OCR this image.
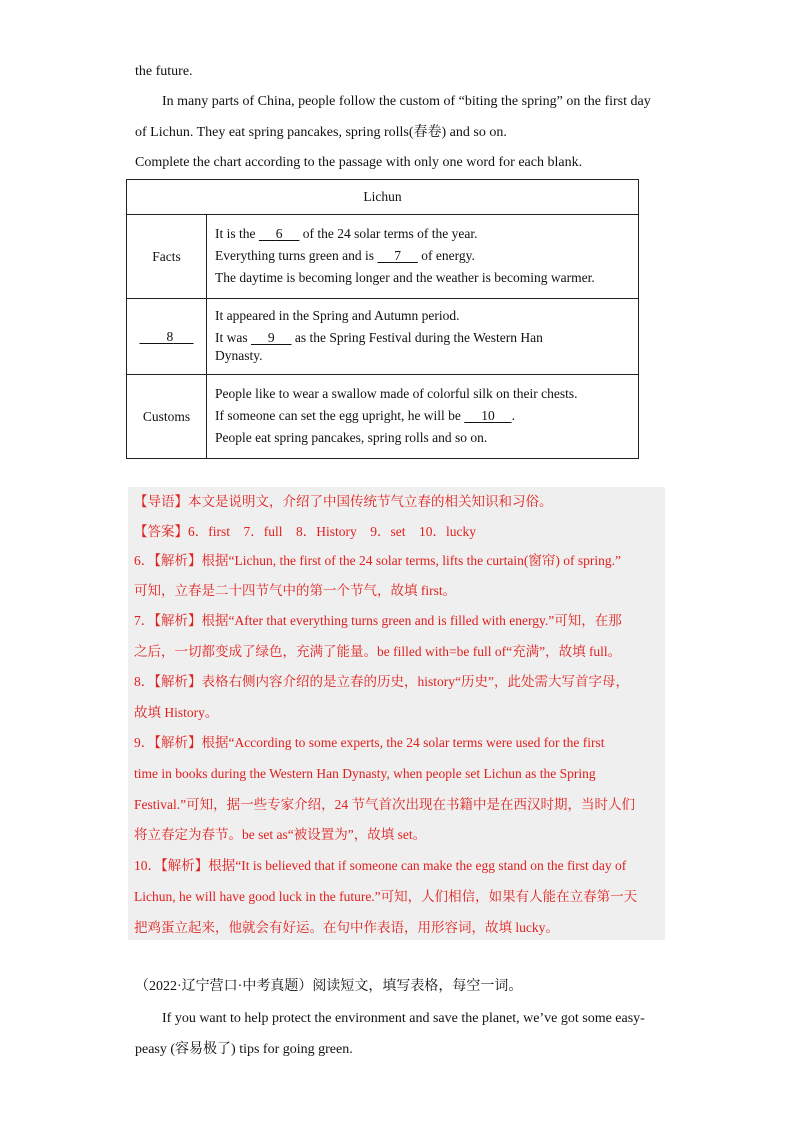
the future.
In many parts of China, people follow the custom of “biting the spring” on the first day
of Lichun. They eat spring pancakes, spring rolls(春卷) and so on.
Complete the chart according to the passage with only one word for each blank.
Lichun	
Facts	It is the      6      of the 24 solar terms of the year.

Everything turns green and is      7      of energy.

The daytime is becoming longer and the weather is becoming warmer.

8	It appeared in the Spring and Autumn period.

It was      9      as the Spring Festival during the Western Han

Dynasty.

Customs	People like to wear a swallow made of colorful silk on their chests.

If someone can set the egg upright, he will be      10 .

People eat spring pancakes, spring rolls and so on.

【导语】本文是说明文，介绍了中国传统节气立春的相关知识和习俗。
【答案】6．first　7．full　8．History　9．set　10．lucky
6．【解析】根据“Lichun, the first of the 24 solar terms, lifts the curtain(窗帘) of spring.”
可知，立春是二十四节气中的第一个节气，故填 first。
7．【解析】根据“After that everything turns green and is filled with energy.”可知，在那
之后，一切都变成了绿色，充满了能量。be filled with=be full of“充满”，故填 full。
8．【解析】表格右侧内容介绍的是立春的历史，history“历史”，此处需大写首字母，
故填 History。
9．【解析】根据“According to some experts, the 24 solar terms were used for the first
time in books during the Western Han Dynasty, when people set Lichun as the Spring
Festival.”可知，据一些专家介绍，24 节气首次出现在书籍中是在西汉时期，当时人们
将立春定为春节。be set as“被设置为”，故填 set。
10．【解析】根据“It is believed that if someone can make the egg stand on the first day of
Lichun, he will have good luck in the future.”可知，人们相信，如果有人能在立春第一天
把鸡蛋立起来，他就会有好运。在句中作表语，用形容词，故填 lucky。
（2022·辽宁营口·中考真题）阅读短文，填写表格，每空一词。
If you want to help protect the environment and save the planet, we’ve got some easy-
peasy (容易极了) tips for going green.
